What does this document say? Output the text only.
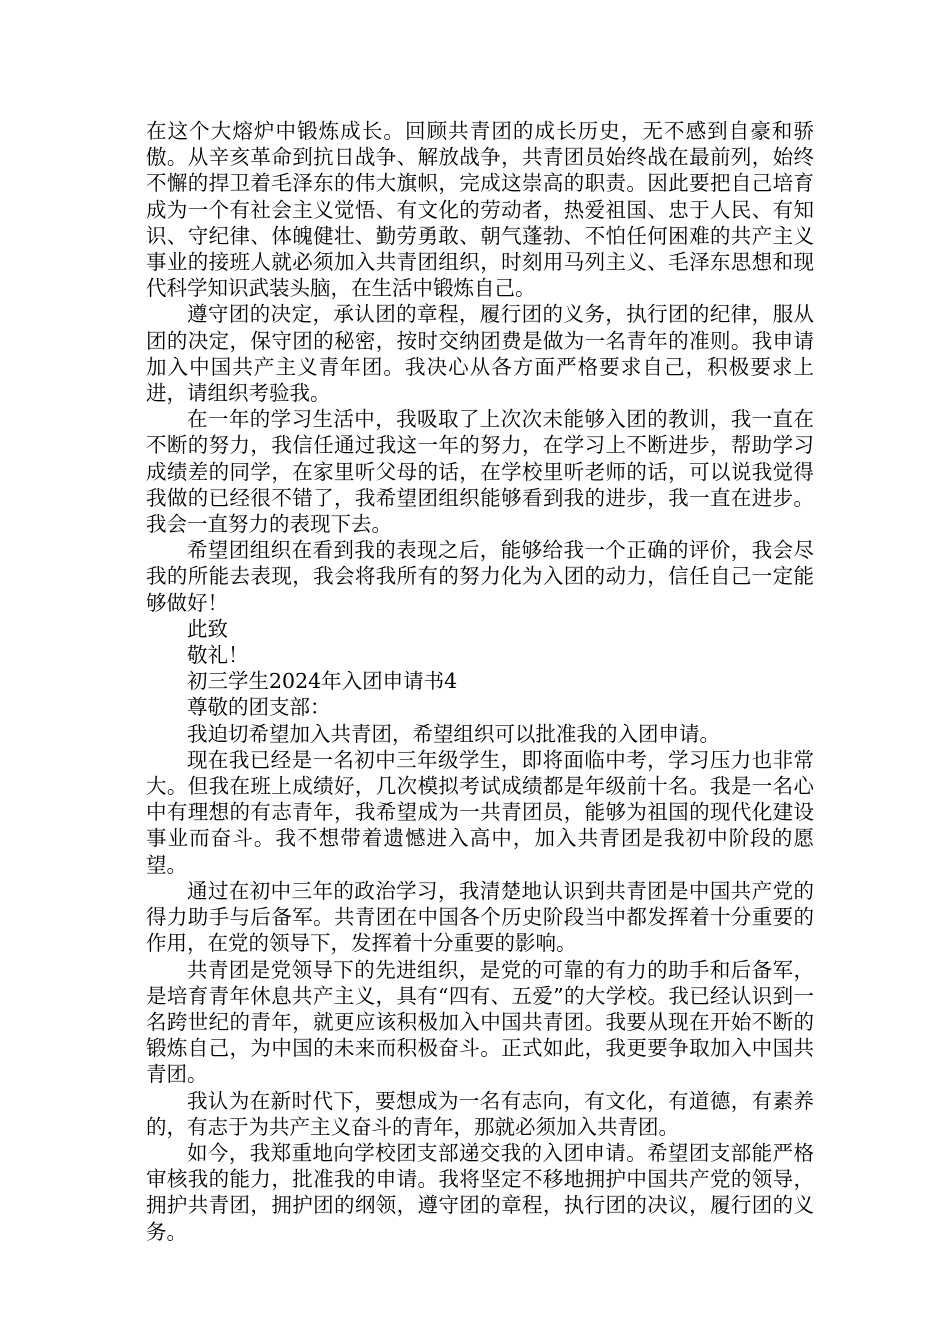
在这个大熔炉中锻炼成长。回顾共青团的成长历史，无不感到自豪和骄傲。从辛亥革命到抗日战争、解放战争，共青团员始终战在最前列，始终不懈的捍卫着毛泽东的伟大旗帜，完成这崇高的职责。因此要把自己培育成为一个有社会主义觉悟、有文化的劳动者，热爱祖国、忠于人民、有知识、守纪律、体魄健壮、勤劳勇敢、朝气蓬勃、不怕任何困难的共产主义事业的接班人就必须加入共青团组织，时刻用马列主义、毛泽东思想和现代科学知识武装头脑，在生活中锻炼自己。

遵守团的决定，承认团的章程，履行团的义务，执行团的纪律，服从团的决定，保守团的秘密，按时交纳团费是做为一名青年的准则。我申请加入中国共产主义青年团。我决心从各方面严格要求自己，积极要求上进，请组织考验我。

在一年的学习生活中，我吸取了上次次未能够入团的教训，我一直在不断的努力，我信任通过我这一年的努力，在学习上不断进步，帮助学习成绩差的同学，在家里听父母的话，在学校里听老师的话，可以说我觉得我做的已经很不错了，我希望团组织能够看到我的进步，我一直在进步。我会一直努力的表现下去。

希望团组织在看到我的表现之后，能够给我一个正确的评价，我会尽我的所能去表现，我会将我所有的努力化为入团的动力，信任自己一定能够做好！

此致

敬礼！

初三学生2024年入团申请书4

尊敬的团支部：

我迫切希望加入共青团，希望组织可以批准我的入团申请。

现在我已经是一名初中三年级学生，即将面临中考，学习压力也非常大。但我在班上成绩好，几次模拟考试成绩都是年级前十名。我是一名心中有理想的有志青年，我希望成为一共青团员，能够为祖国的现代化建设事业而奋斗。我不想带着遗憾进入高中，加入共青团是我初中阶段的愿望。

通过在初中三年的政治学习，我清楚地认识到共青团是中国共产党的得力助手与后备军。共青团在中国各个历史阶段当中都发挥着十分重要的作用，在党的领导下，发挥着十分重要的影响。

共青团是党领导下的先进组织，是党的可靠的有力的助手和后备军，是培育青年休息共产主义，具有“四有、五爱”的大学校。我已经认识到一名跨世纪的青年，就更应该积极加入中国共青团。我要从现在开始不断的锻炼自己，为中国的未来而积极奋斗。正式如此，我更要争取加入中国共青团。

我认为在新时代下，要想成为一名有志向，有文化，有道德，有素养的，有志于为共产主义奋斗的青年，那就必须加入共青团。

如今，我郑重地向学校团支部递交我的入团申请。希望团支部能严格审核我的能力，批准我的申请。我将坚定不移地拥护中国共产党的领导，拥护共青团，拥护团的纲领，遵守团的章程，执行团的决议，履行团的义务。
